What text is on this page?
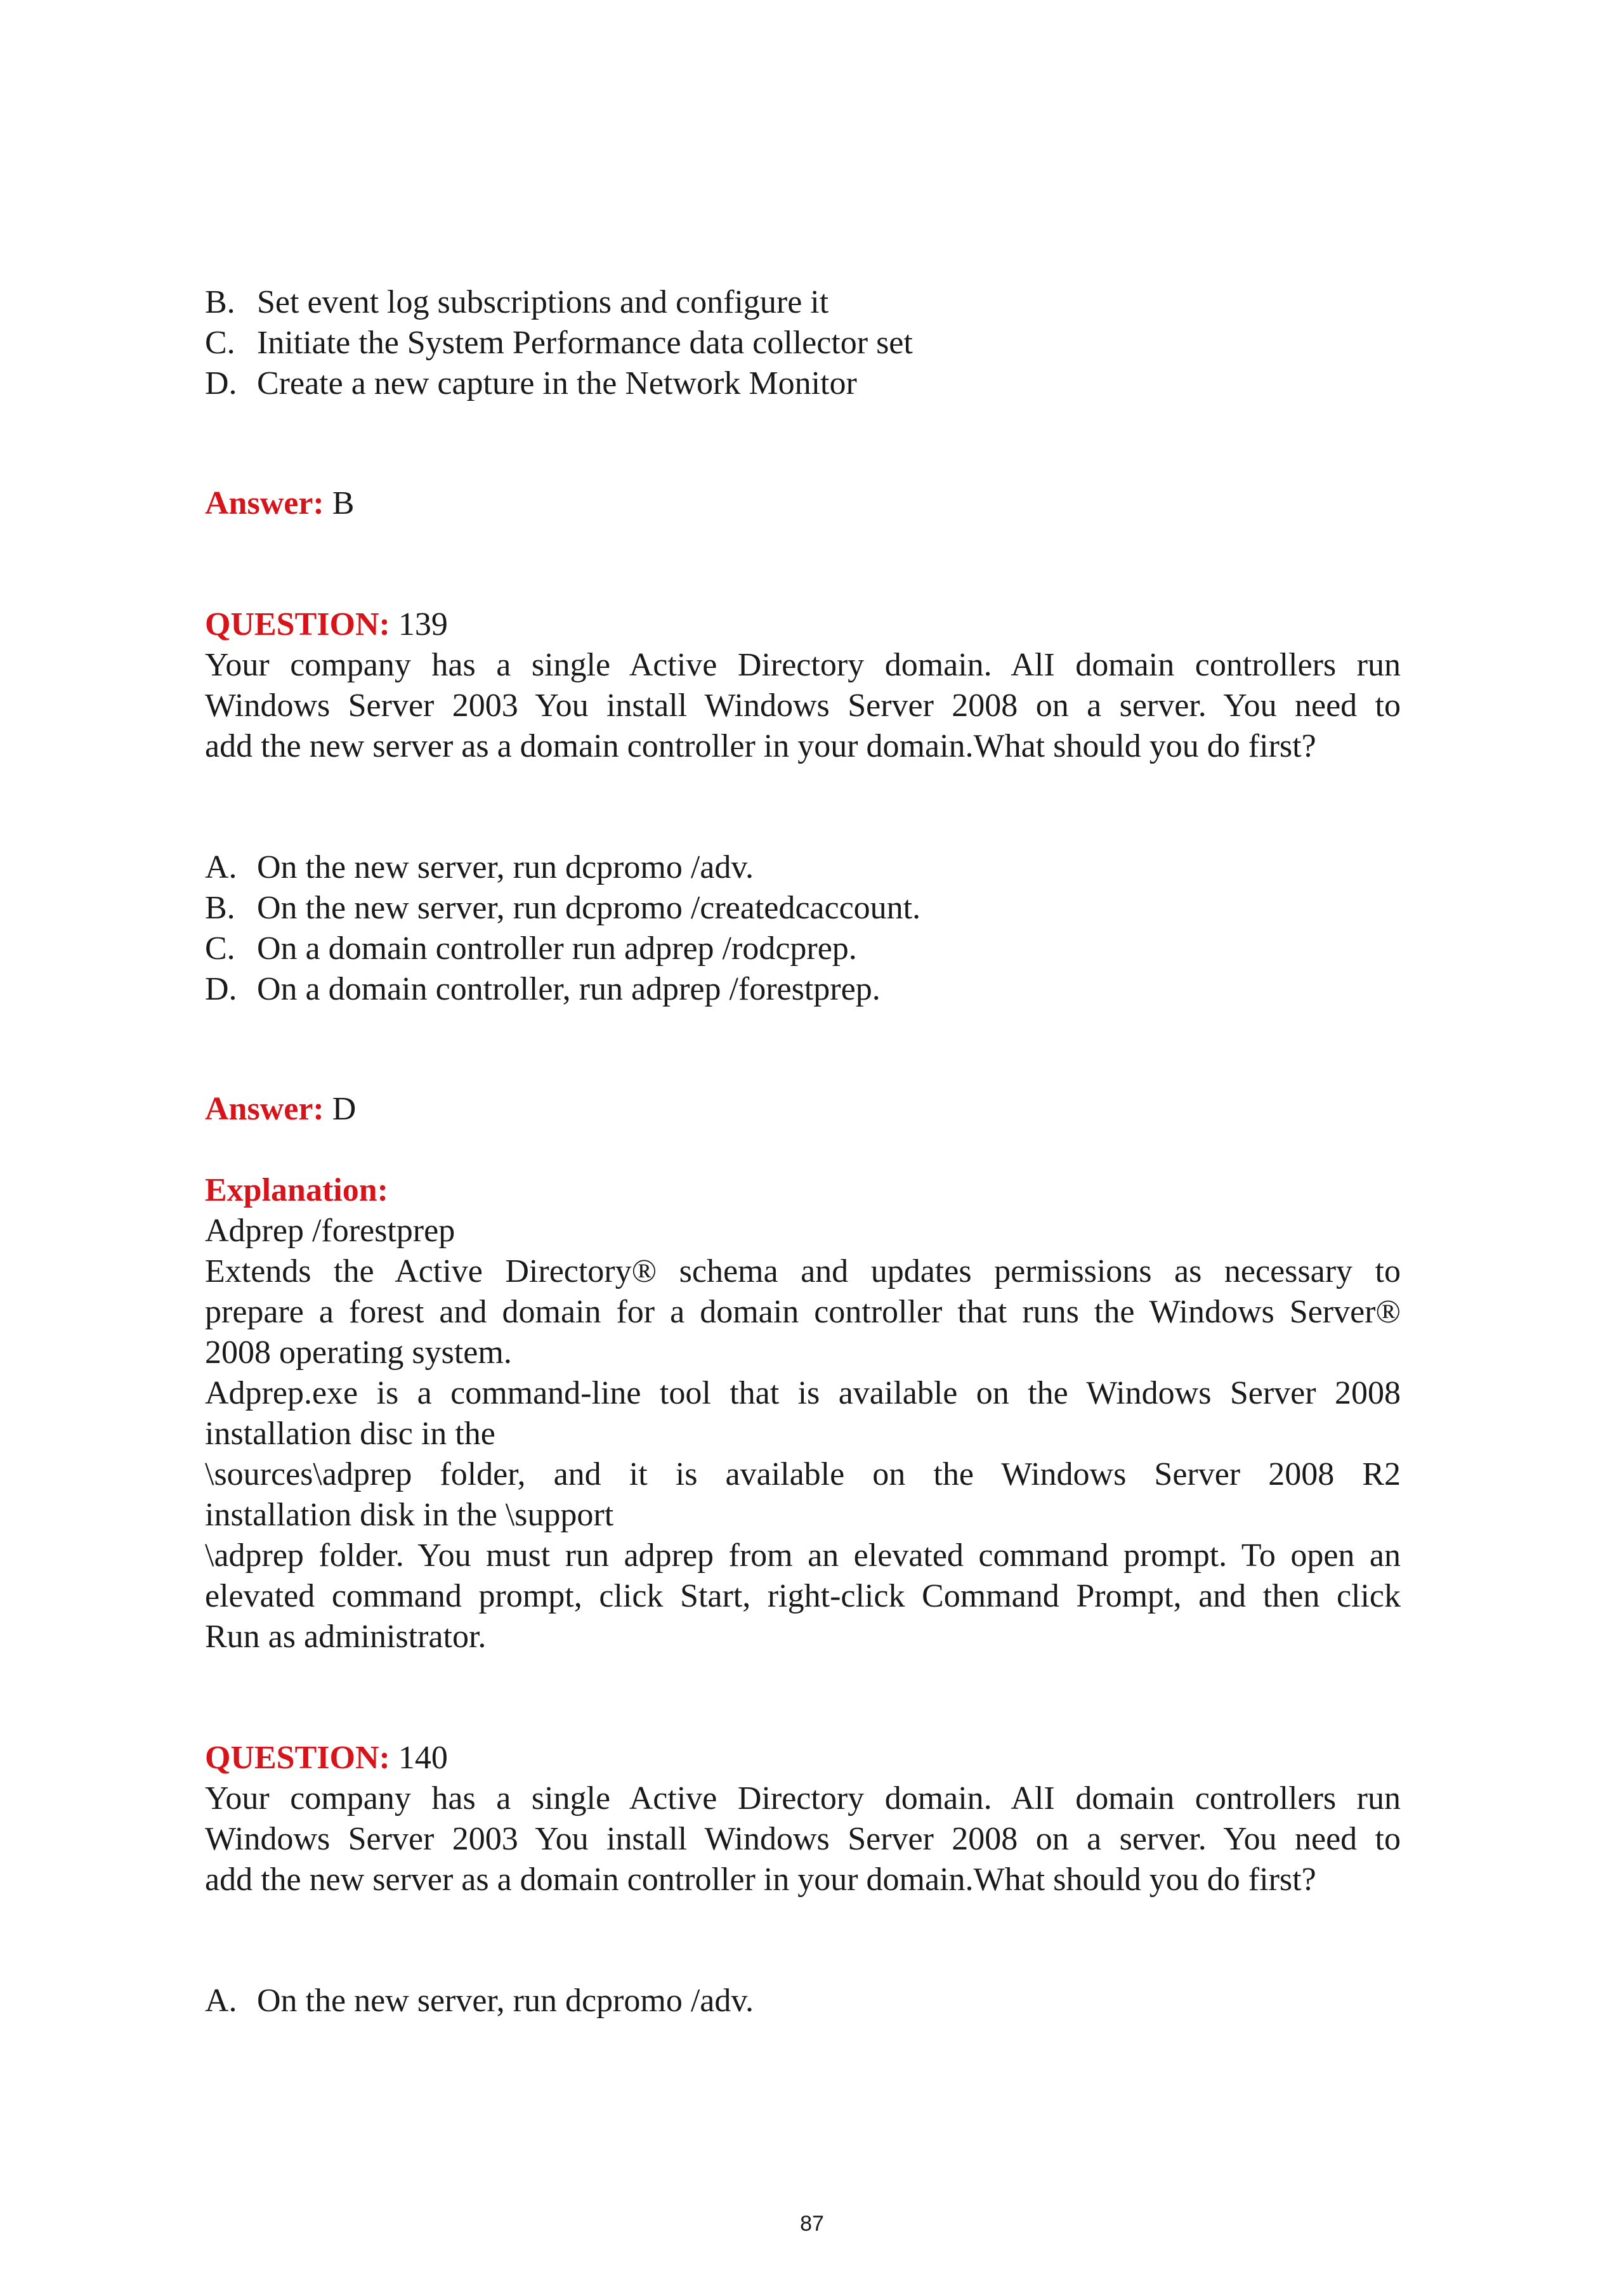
B. Set event log subscriptions and configure it
C. Initiate the System Performance data collector set
D. Create a new capture in the Network Monitor
Answer: B
QUESTION: 139
Your company has a single Active Directory domain. AlI domain controllers run
Windows Server 2003 You install Windows Server 2008 on a server. You need to
add the new server as a domain controller in your domain.What should you do first?
A. On the new server, run dcpromo /adv.
B. On the new server, run dcpromo /createdcaccount.
C. On a domain controller run adprep /rodcprep.
D. On a domain controller, run adprep /forestprep.
Answer: D
Explanation:
Adprep /forestprep
Extends the Active Directory® schema and updates permissions as necessary to
prepare a forest and domain for a domain controller that runs the Windows Server®
2008 operating system.
Adprep.exe is a command-line tool that is available on the Windows Server 2008
installation disc in the
\sources\adprep folder, and it is available on the Windows Server 2008 R2
installation disk in the \support
\adprep folder. You must run adprep from an elevated command prompt. To open an
elevated command prompt, click Start, right-click Command Prompt, and then click
Run as administrator.
QUESTION: 140
Your company has a single Active Directory domain. AlI domain controllers run
Windows Server 2003 You install Windows Server 2008 on a server. You need to
add the new server as a domain controller in your domain.What should you do first?
A. On the new server, run dcpromo /adv.
87
